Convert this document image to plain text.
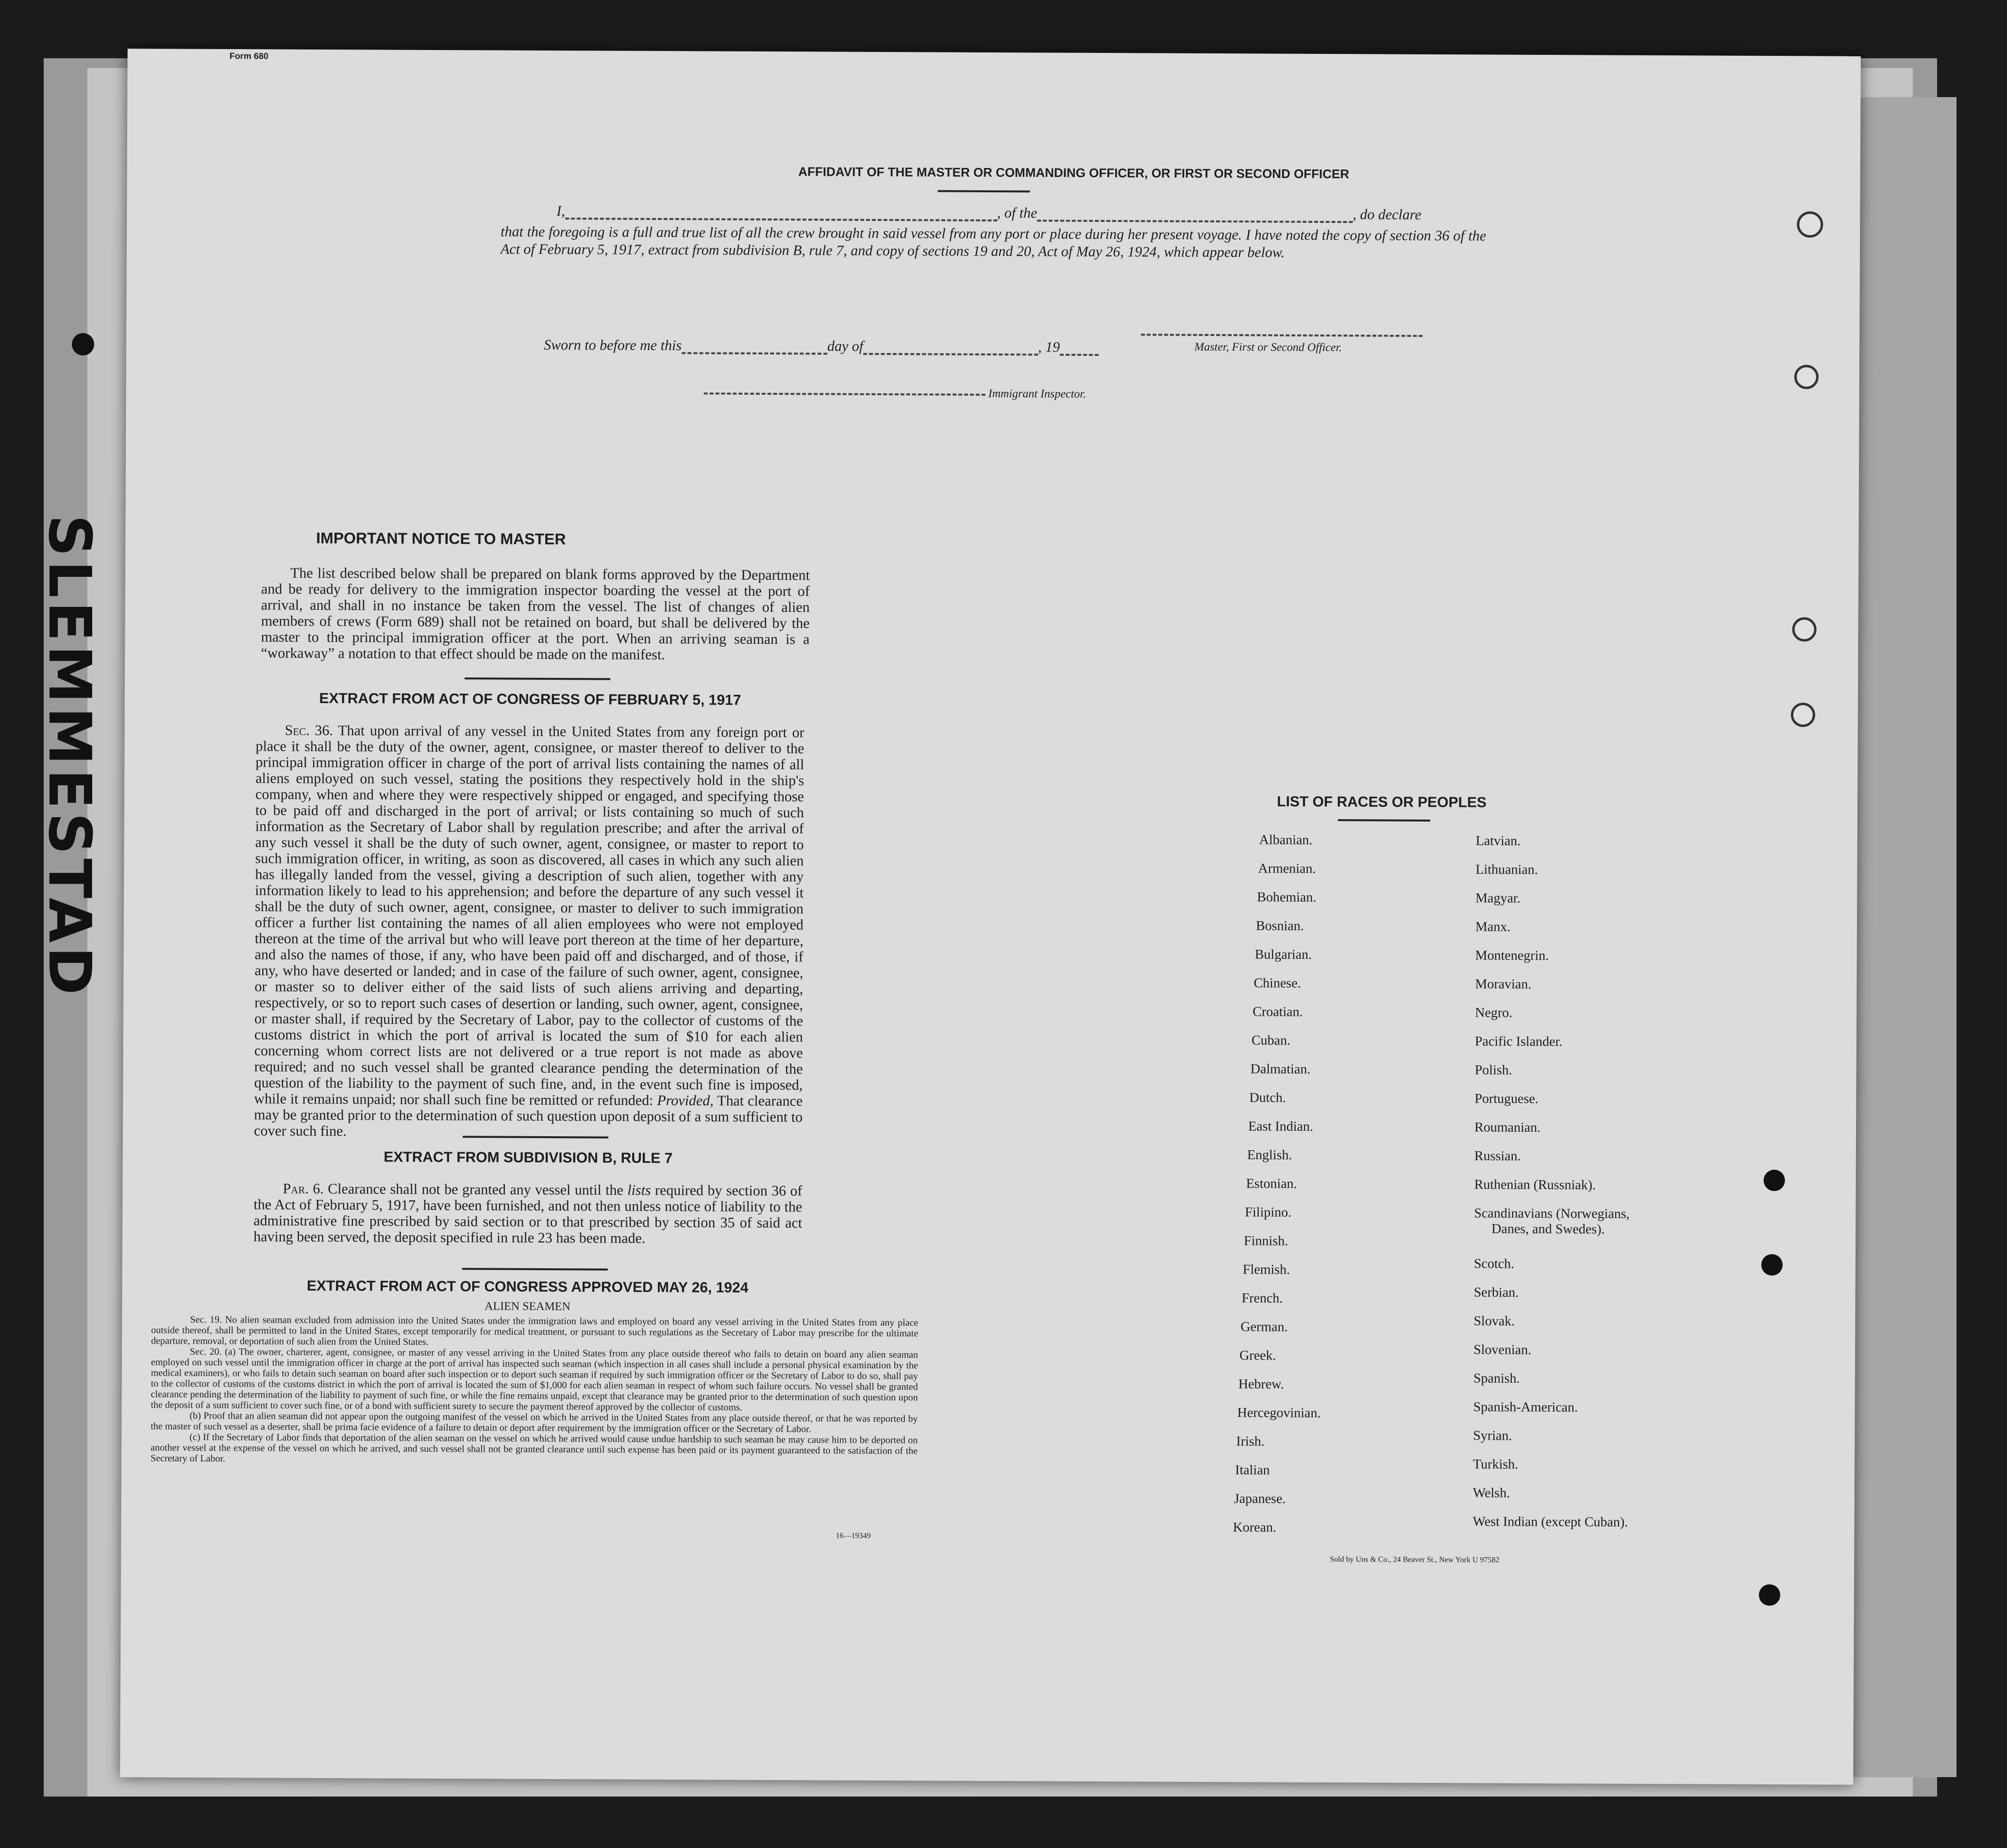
SLEMMESTAD
Form 680
AFFIDAVIT OF THE MASTER OR COMMANDING OFFICER, OR FIRST OR SECOND OFFICER
I,	, of the	, do declare
that the foregoing is a full and true list of all the crew brought in said vessel from any port or place during her present voyage. I have noted the copy of section 36 of the Act of February 5, 1917, extract from subdivision B, rule 7, and copy of sections 19 and 20, Act of May 26, 1924, which appear below.
Sworn to before me this	day of	, 19	Master, First or Second Officer.
Immigrant Inspector.
IMPORTANT NOTICE TO MASTER
The list described below shall be prepared on blank forms approved by the Department and be ready for delivery to the immigration inspector boarding the vessel at the port of arrival, and shall in no instance be taken from the vessel. The list of changes of alien members of crews (Form 689) shall not be retained on board, but shall be delivered by the master to the principal immigration officer at the port. When an arriving seaman is a “workaway” a notation to that effect should be made on the manifest.
EXTRACT FROM ACT OF CONGRESS OF FEBRUARY 5, 1917
Sec. 36. That upon arrival of any vessel in the United States from any foreign port or place it shall be the duty of the owner, agent, consignee, or master thereof to deliver to the principal immigration officer in charge of the port of arrival lists containing the names of all aliens employed on such vessel, stating the positions they respectively hold in the ship's company, when and where they were respectively shipped or engaged, and specifying those to be paid off and discharged in the port of arrival; or lists containing so much of such information as the Secretary of Labor shall by regulation prescribe; and after the arrival of any such vessel it shall be the duty of such owner, agent, consignee, or master to report to such immigration officer, in writing, as soon as discovered, all cases in which any such alien has illegally landed from the vessel, giving a description of such alien, together with any information likely to lead to his apprehension; and before the departure of any such vessel it shall be the duty of such owner, agent, consignee, or master to deliver to such immigration officer a further list containing the names of all alien employees who were not employed thereon at the time of the arrival but who will leave port thereon at the time of her departure, and also the names of those, if any, who have been paid off and discharged, and of those, if any, who have deserted or landed; and in case of the failure of such owner, agent, consignee, or master so to deliver either of the said lists of such aliens arriving and departing, respectively, or so to report such cases of desertion or landing, such owner, agent, consignee, or master shall, if required by the Secretary of Labor, pay to the collector of customs of the customs district in which the port of arrival is located the sum of $10 for each alien concerning whom correct lists are not delivered or a true report is not made as above required; and no such vessel shall be granted clearance pending the determination of the question of the liability to the payment of such fine, and, in the event such fine is imposed, while it remains unpaid; nor shall such fine be remitted or refunded: Provided, That clearance may be granted prior to the determination of such question upon deposit of a sum sufficient to cover such fine.
EXTRACT FROM SUBDIVISION B, RULE 7
Par. 6. Clearance shall not be granted any vessel until the lists required by section 36 of the Act of February 5, 1917, have been furnished, and not then unless notice of liability to the administrative fine prescribed by said section or to that prescribed by section 35 of said act having been served, the deposit specified in rule 23 has been made.
EXTRACT FROM ACT OF CONGRESS APPROVED MAY 26, 1924
ALIEN SEAMEN
Sec. 19. No alien seaman excluded from admission into the United States under the immigration laws and employed on board any vessel arriving in the United States from any place outside thereof, shall be permitted to land in the United States, except temporarily for medical treatment, or pursuant to such regulations as the Secretary of Labor may prescribe for the ultimate departure, removal, or deportation of such alien from the United States.
Sec. 20. (a) The owner, charterer, agent, consignee, or master of any vessel arriving in the United States from any place outside thereof who fails to detain on board any alien seaman employed on such vessel until the immigration officer in charge at the port of arrival has inspected such seaman (which inspection in all cases shall include a personal physical examination by the medical examiners), or who fails to detain such seaman on board after such inspection or to deport such seaman if required by such immigration officer or the Secretary of Labor to do so, shall pay to the collector of customs of the customs district in which the port of arrival is located the sum of $1,000 for each alien seaman in respect of whom such failure occurs. No vessel shall be granted clearance pending the determination of the liability to payment of such fine, or while the fine remains unpaid, except that clearance may be granted prior to the determination of such question upon the deposit of a sum sufficient to cover such fine, or of a bond with sufficient surety to secure the payment thereof approved by the collector of customs.
(b) Proof that an alien seaman did not appear upon the outgoing manifest of the vessel on which he arrived in the United States from any place outside thereof, or that he was reported by the master of such vessel as a deserter, shall be prima facie evidence of a failure to detain or deport after requirement by the immigration officer or the Secretary of Labor.
(c) If the Secretary of Labor finds that deportation of the alien seaman on the vessel on which he arrived would cause undue hardship to such seaman he may cause him to be deported on another vessel at the expense of the vessel on which he arrived, and such vessel shall not be granted clearance until such expense has been paid or its payment guaranteed to the satisfaction of the Secretary of Labor.
16—19349
LIST OF RACES OR PEOPLES
Albanian.
Armenian.
Bohemian.
Bosnian.
Bulgarian.
Chinese.
Croatian.
Cuban.
Dalmatian.
Dutch.
East Indian.
English.
Estonian.
Filipino.
Finnish.
Flemish.
French.
German.
Greek.
Hebrew.
Hercegovinian.
Irish.
Italian
Japanese.
Korean.
Latvian.
Lithuanian.
Magyar.
Manx.
Montenegrin.
Moravian.
Negro.
Pacific Islander.
Polish.
Portuguese.
Roumanian.
Russian.
Ruthenian (Russniak).
Scandinavians (Norwegians,
Danes, and Swedes).
Scotch.
Serbian.
Slovak.
Slovenian.
Spanish.
Spanish-American.
Syrian.
Turkish.
Welsh.
West Indian (except Cuban).
Sold by Uns & Co., 24 Beaver St., New York U 97582
